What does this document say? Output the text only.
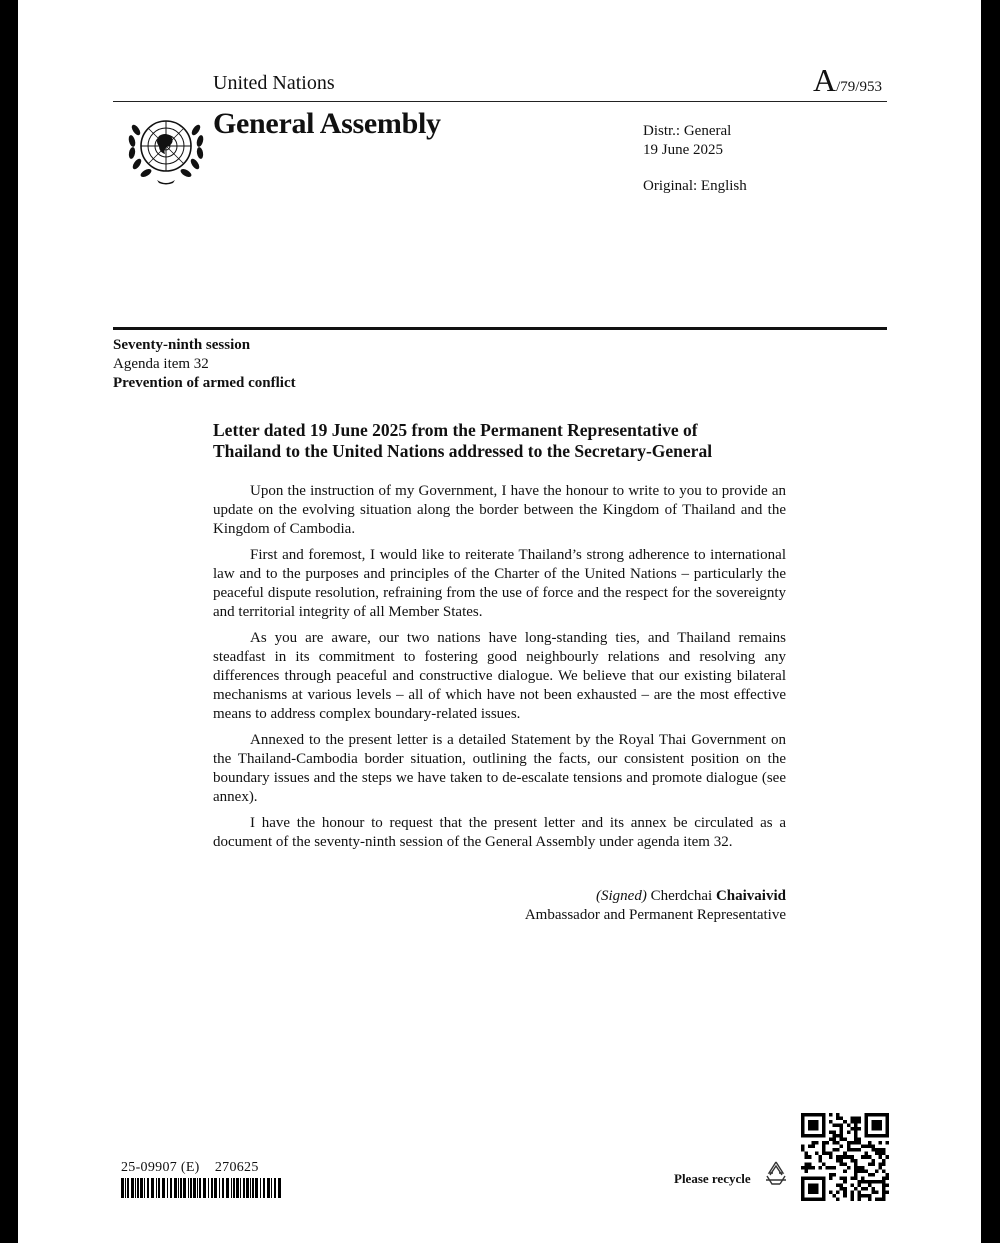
United Nations	A/79/953
General Assembly	Distr.: General
19 June 2025
Original: English
Seventy-ninth session
Agenda item 32
Prevention of armed conflict
Letter dated 19 June 2025 from the Permanent Representative of
Thailand to the United Nations addressed to the Secretary-General

Upon the instruction of my Government, I have the honour to write to you to provide an update on the evolving situation along the border between the Kingdom of Thailand and the Kingdom of Cambodia.

First and foremost, I would like to reiterate Thailand’s strong adherence to international law and to the purposes and principles of the Charter of the United Nations – particularly the peaceful dispute resolution, refraining from the use of force and the respect for the sovereignty and territorial integrity of all Member States.

As you are aware, our two nations have long-standing ties, and Thailand remains steadfast in its commitment to fostering good neighbourly relations and resolving any differences through peaceful and constructive dialogue. We believe that our existing bilateral mechanisms at various levels – all of which have not been exhausted – are the most effective means to address complex boundary-related issues.

Annexed to the present letter is a detailed Statement by the Royal Thai Government on the Thailand-Cambodia border situation, outlining the facts, our consistent position on the boundary issues and the steps we have taken to de-escalate tensions and promote dialogue (see annex).

I have the honour to request that the present letter and its annex be circulated as a document of the seventy-ninth session of the General Assembly under agenda item 32.

(Signed) Cherdchai Chaivaivid
Ambassador and Permanent Representative
25-09907 (E)    270625
Please recycle
